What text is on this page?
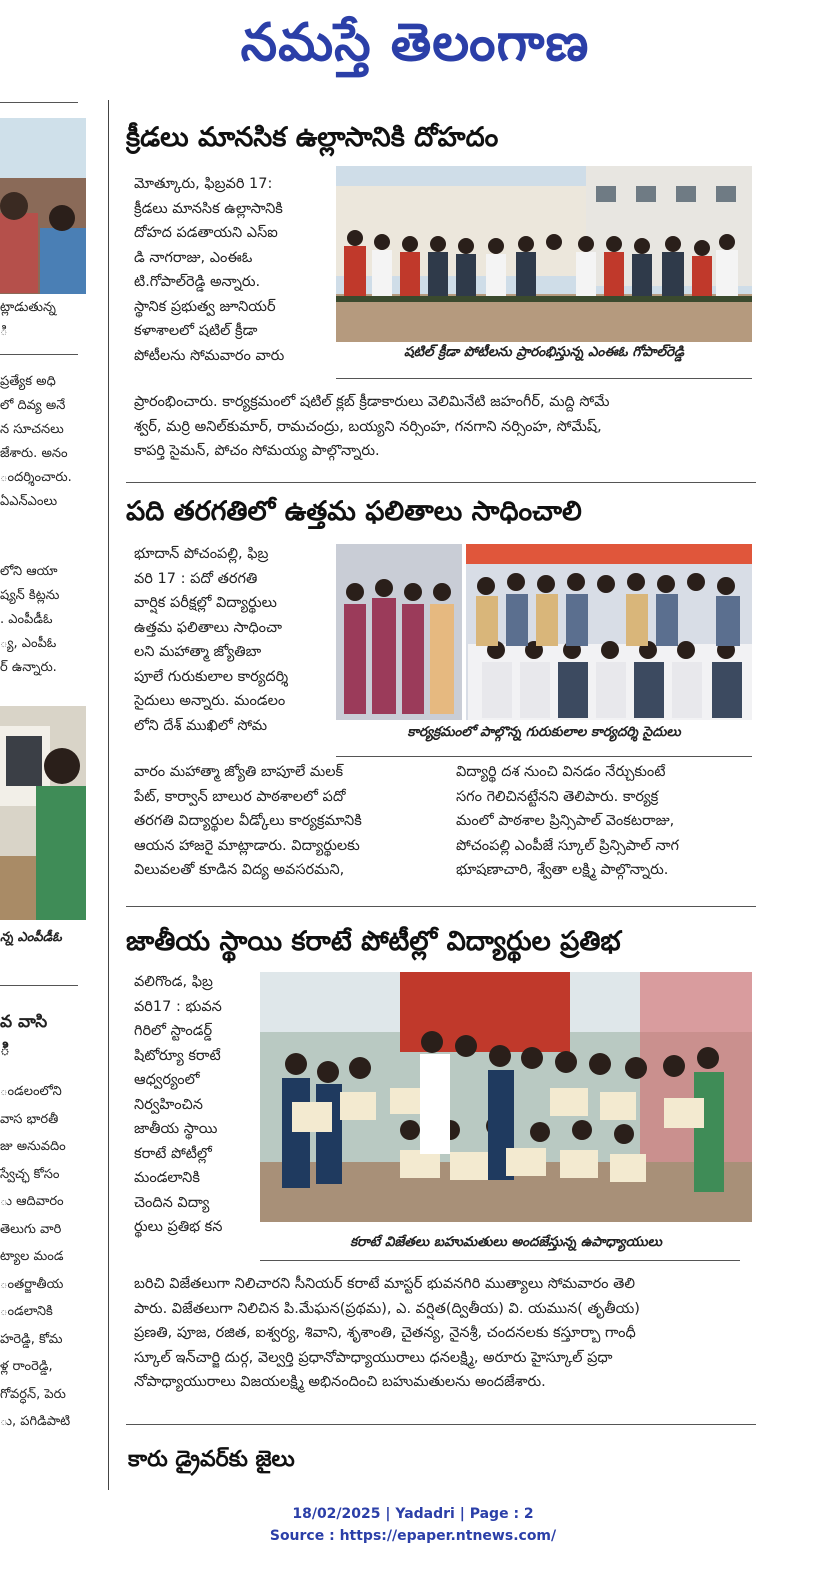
నమస్తే తెలంగాణ
ట్లాడుతున్న
ి
ప్రత్యేక అధి
లో దివ్య అనే
న సూచనలు
జేశారు. అనం
ందర్శించారు.
ఏఎన్‌ఎంలు
లోని ఆయా
ష్యన్ కిట్లను
. ఎంపీడీఓ
్య, ఎంపీఓ
ర్ ఉన్నారు.
న్న ఎంపీడీఓ
వ వాసి
ి
ండలంలోని
వాస భారతీ
జు అనువదిం
స్వేచ్ఛ కోసం
ు ఆదివారం
తెలుగు వారి
ట్యాల మండ
ంతర్జాతీయ
ండలానికి
హరెడ్డి, కోమ
ళ్ల రాంరెడ్డి,
గోవర్ధన్, పెరు
ు, పగిడిపాటి
క్రీడలు మానసిక ఉల్లాసానికి దోహదం
మోత్కూరు, ఫిబ్రవరి 17:
క్రీడలు మానసిక ఉల్లాసానికి
దోహద పడతాయని ఎస్‌ఐ
డి నాగరాజు, ఎంఈఓ
టి.గోపాల్‌రెడ్డి అన్నారు.
స్థానిక ప్రభుత్వ జూనియర్
కళాశాలలో షటిల్ క్రీడా
పోటీలను సోమవారం వారు	షటిల్ క్రీడా పోటీలను ప్రారంభిస్తున్న ఎంఈఓ గోపాల్‌రెడ్డి
ప్రారంభించారు. కార్యక్రమంలో షటిల్ క్లబ్ క్రీడాకారులు వెలిమినేటి జహంగీర్, మద్ది సోమే
శ్వర్, మర్రి అనిల్‌కుమార్, రామచంద్రు, బయ్యని నర్సింహ, గనగాని నర్సింహ, సోమేష్,
కాపర్తి సైమన్, పోచం సోమయ్య పాల్గొన్నారు.
పది తరగతిలో ఉత్తమ ఫలితాలు సాధించాలి
భూదాన్ పోచంపల్లి, ఫిబ్ర
వరి 17 : పదో తరగతి
వార్షిక పరీక్షల్లో విద్యార్థులు
ఉత్తమ ఫలితాలు సాధించా
లని మహాత్మా జ్యోతిబా
పూలే గురుకులాల కార్యదర్శి
సైదులు అన్నారు. మండలం
లోని దేశ్ ముఖిలో సోమ	కార్యక్రమంలో పాల్గొన్న గురుకులాల కార్యదర్శి సైదులు
వారం మహాత్మా జ్యోతి బాపూలే మలక్
పేట్, కార్వాన్ బాలుర పాఠశాలలో పదో
తరగతి విద్యార్థుల వీడ్కోలు కార్యక్రమానికి
ఆయన హాజరై మాట్లాడారు. విద్యార్థులకు
విలువలతో కూడిన విద్య అవసరమని,
విద్యార్థి దశ నుంచి వినడం నేర్చుకుంటే
సగం గెలిచినట్టేనని తెలిపారు. కార్యక్ర
మంలో పాఠశాల ప్రిన్సిపాల్ వెంకటరాజు,
పోచంపల్లి ఎంపీజే స్కూల్ ప్రిన్సిపాల్ నాగ
భూషణాచారి, శ్వేతా లక్ష్మి పాల్గొన్నారు.
జాతీయ స్థాయి కరాటే పోటీల్లో విద్యార్థుల ప్రతిభ
వలిగొండ, ఫిబ్ర
వరి17 : భువన
గిరిలో స్టాండర్డ్
షిటోర్యూ కరాటే
ఆధ్వర్యంలో
నిర్వహించిన
జాతీయ స్థాయి
కరాటే పోటీల్లో
మండలానికి
చెందిన విద్యా
ర్థులు ప్రతిభ కన
కరాటే విజేతలు బహుమతులు అందజేస్తున్న ఉపాధ్యాయులు
బరిచి విజేతలుగా నిలిచారని సీనియర్ కరాటే మాస్టర్ భువనగిరి ముత్యాలు సోమవారం తెలి
పారు. విజేతలుగా నిలిచిన పి.మేఘన(ప్రథమ), ఎ. వర్షిత(ద్వితీయ) వి. యమున( తృతీయ)
ప్రణతి, పూజ, రజిత, ఐశ్వర్య, శివాని, శృశాంతి, చైతన్య, నైనశ్రీ, చందనలకు కస్తూర్బా గాంధీ
స్కూల్ ఇన్‌చార్జి దుర్గ, వెల్వర్తి ప్రధానోపాధ్యాయురాలు ధనలక్ష్మి, అరూరు హైస్కూల్ ప్రధా
నోపాధ్యాయురాలు విజయలక్ష్మి అభినందించి బహుమతులను అందజేశారు.
కారు డ్రైవర్‌కు జైలు
18/02/2025 | Yadadri | Page : 2
Source : https://epaper.ntnews.com/
